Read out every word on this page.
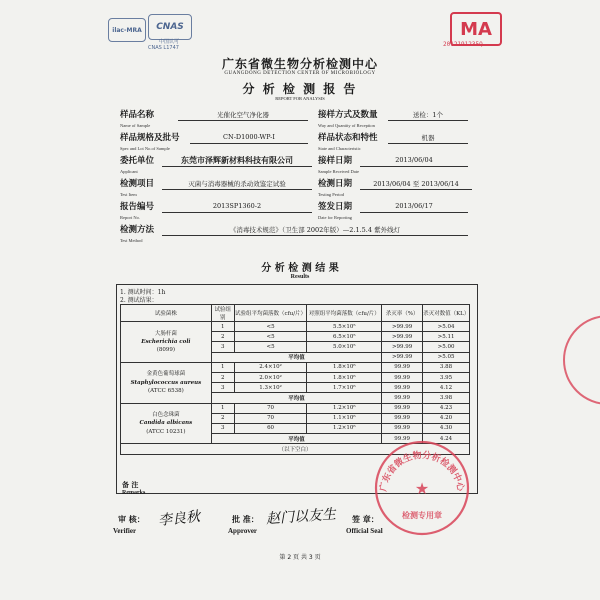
ilac-MRA CNAS
中国认可
CNAS L1747
MA
2012191235Q
广东省微生物分析检测中心
GUANGDONG DETECTION CENTER OF MICROBIOLOGY
分 析 检 测 报 告
REPORT FOR ANALYSIS
样品名称	光催化空气净化器
Name of Sample
接样方式及数量	送检：1个
Way and Quantity of Reception
样品规格及批号	CN-D1000-WP-I
Spec and Lot No.of Sample
样品状态和特性	机器
State and Characteristic
委托单位	东莞市泽辉新材料科技有限公司
Applicant
接样日期	2013/06/04
Sample Received Date
检测项目	灭菌与消毒器械的杀动效鉴定试验
Test Item
检测日期	2013/06/04 至 2013/06/14
Testing Period
报告编号	2013SP1360-2
Report No.
签发日期	2013/06/17
Date for Reporting
检测方法	《消毒技术规范》（卫生部 2002年版）—2.1.5.4 紫外线灯
Test Method
分 析 检 测 结 果
Results
1. 测试时间：1h
2. 测试结果：
试验菌株	试验组别	试验组平均菌落数（cfu/片）	对照组平均菌落数（cfu/片）	杀灭率（%）	杀灭对数值（KL）

大肠杆菌
Escherichia coli
(8099)	1	<5	5.5×10⁵	>99.99	>5.04
	2	<5	6.5×10⁵	>99.99	>5.11
	3	<5	5.0×10⁵	>99.99	>5.00
	平均值			>99.99	>5.05

金黄色葡萄球菌
Staphylococcus aureus
(ATCC 6538)	1	2.4×10²	1.8×10⁶	99.99	3.88
	2	2.0×10²	1.8×10⁶	99.99	3.95
	3	1.3×10²	1.7×10⁶	99.99	4.12
	平均值			99.99	3.98

白色念珠菌
Candida albicans
(ATCC 10231)	1	70	1.2×10⁶	99.99	4.23
	2	70	1.1×10⁶	99.99	4.20
	3	60	1.2×10⁶	99.99	4.30
	平均值			99.99	4.24
（以下空白）					
备 注
Remarks
审 核：
Verifier
李良秋	批 准：
Approver
赵门以友生 签 章：
Official Seal
广东省微生物分析检测中心
★
检测专用章
第 2 页 共 3 页
